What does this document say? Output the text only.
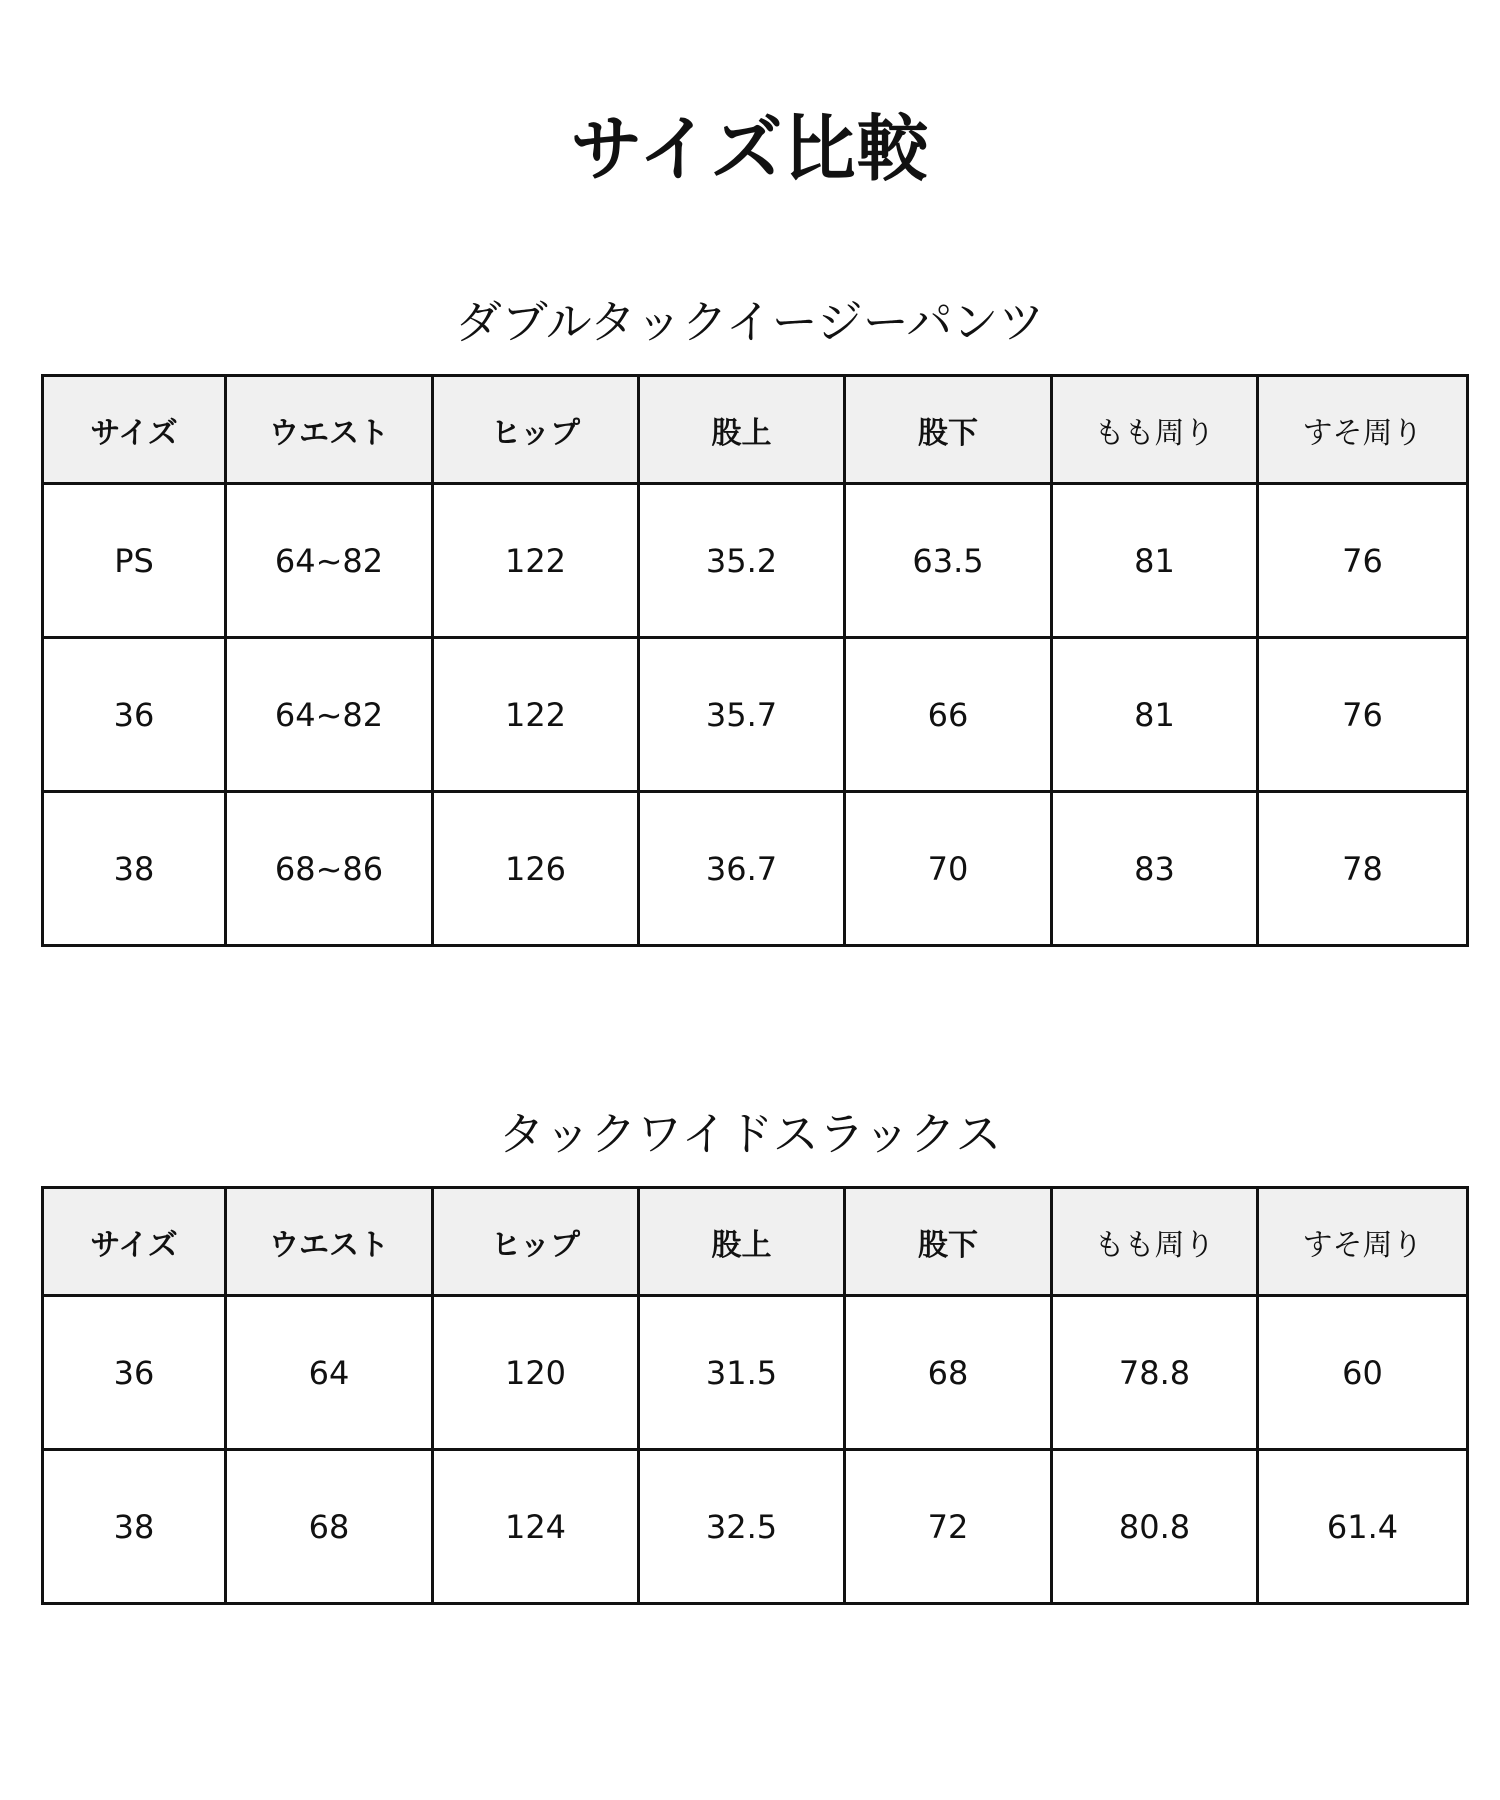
サイズ比較
ダブルタックイージーパンツ
サイズ	ウエスト	ヒップ	股上	股下	もも周り	すそ周り
PS	64~82	122	35.2	63.5	81	76
36	64~82	122	35.7	66	81	76
38	68~86	126	36.7	70	83	78
タックワイドスラックス
サイズ	ウエスト	ヒップ	股上	股下	もも周り	すそ周り
36	64	120	31.5	68	78.8	60
38	68	124	32.5	72	80.8	61.4
